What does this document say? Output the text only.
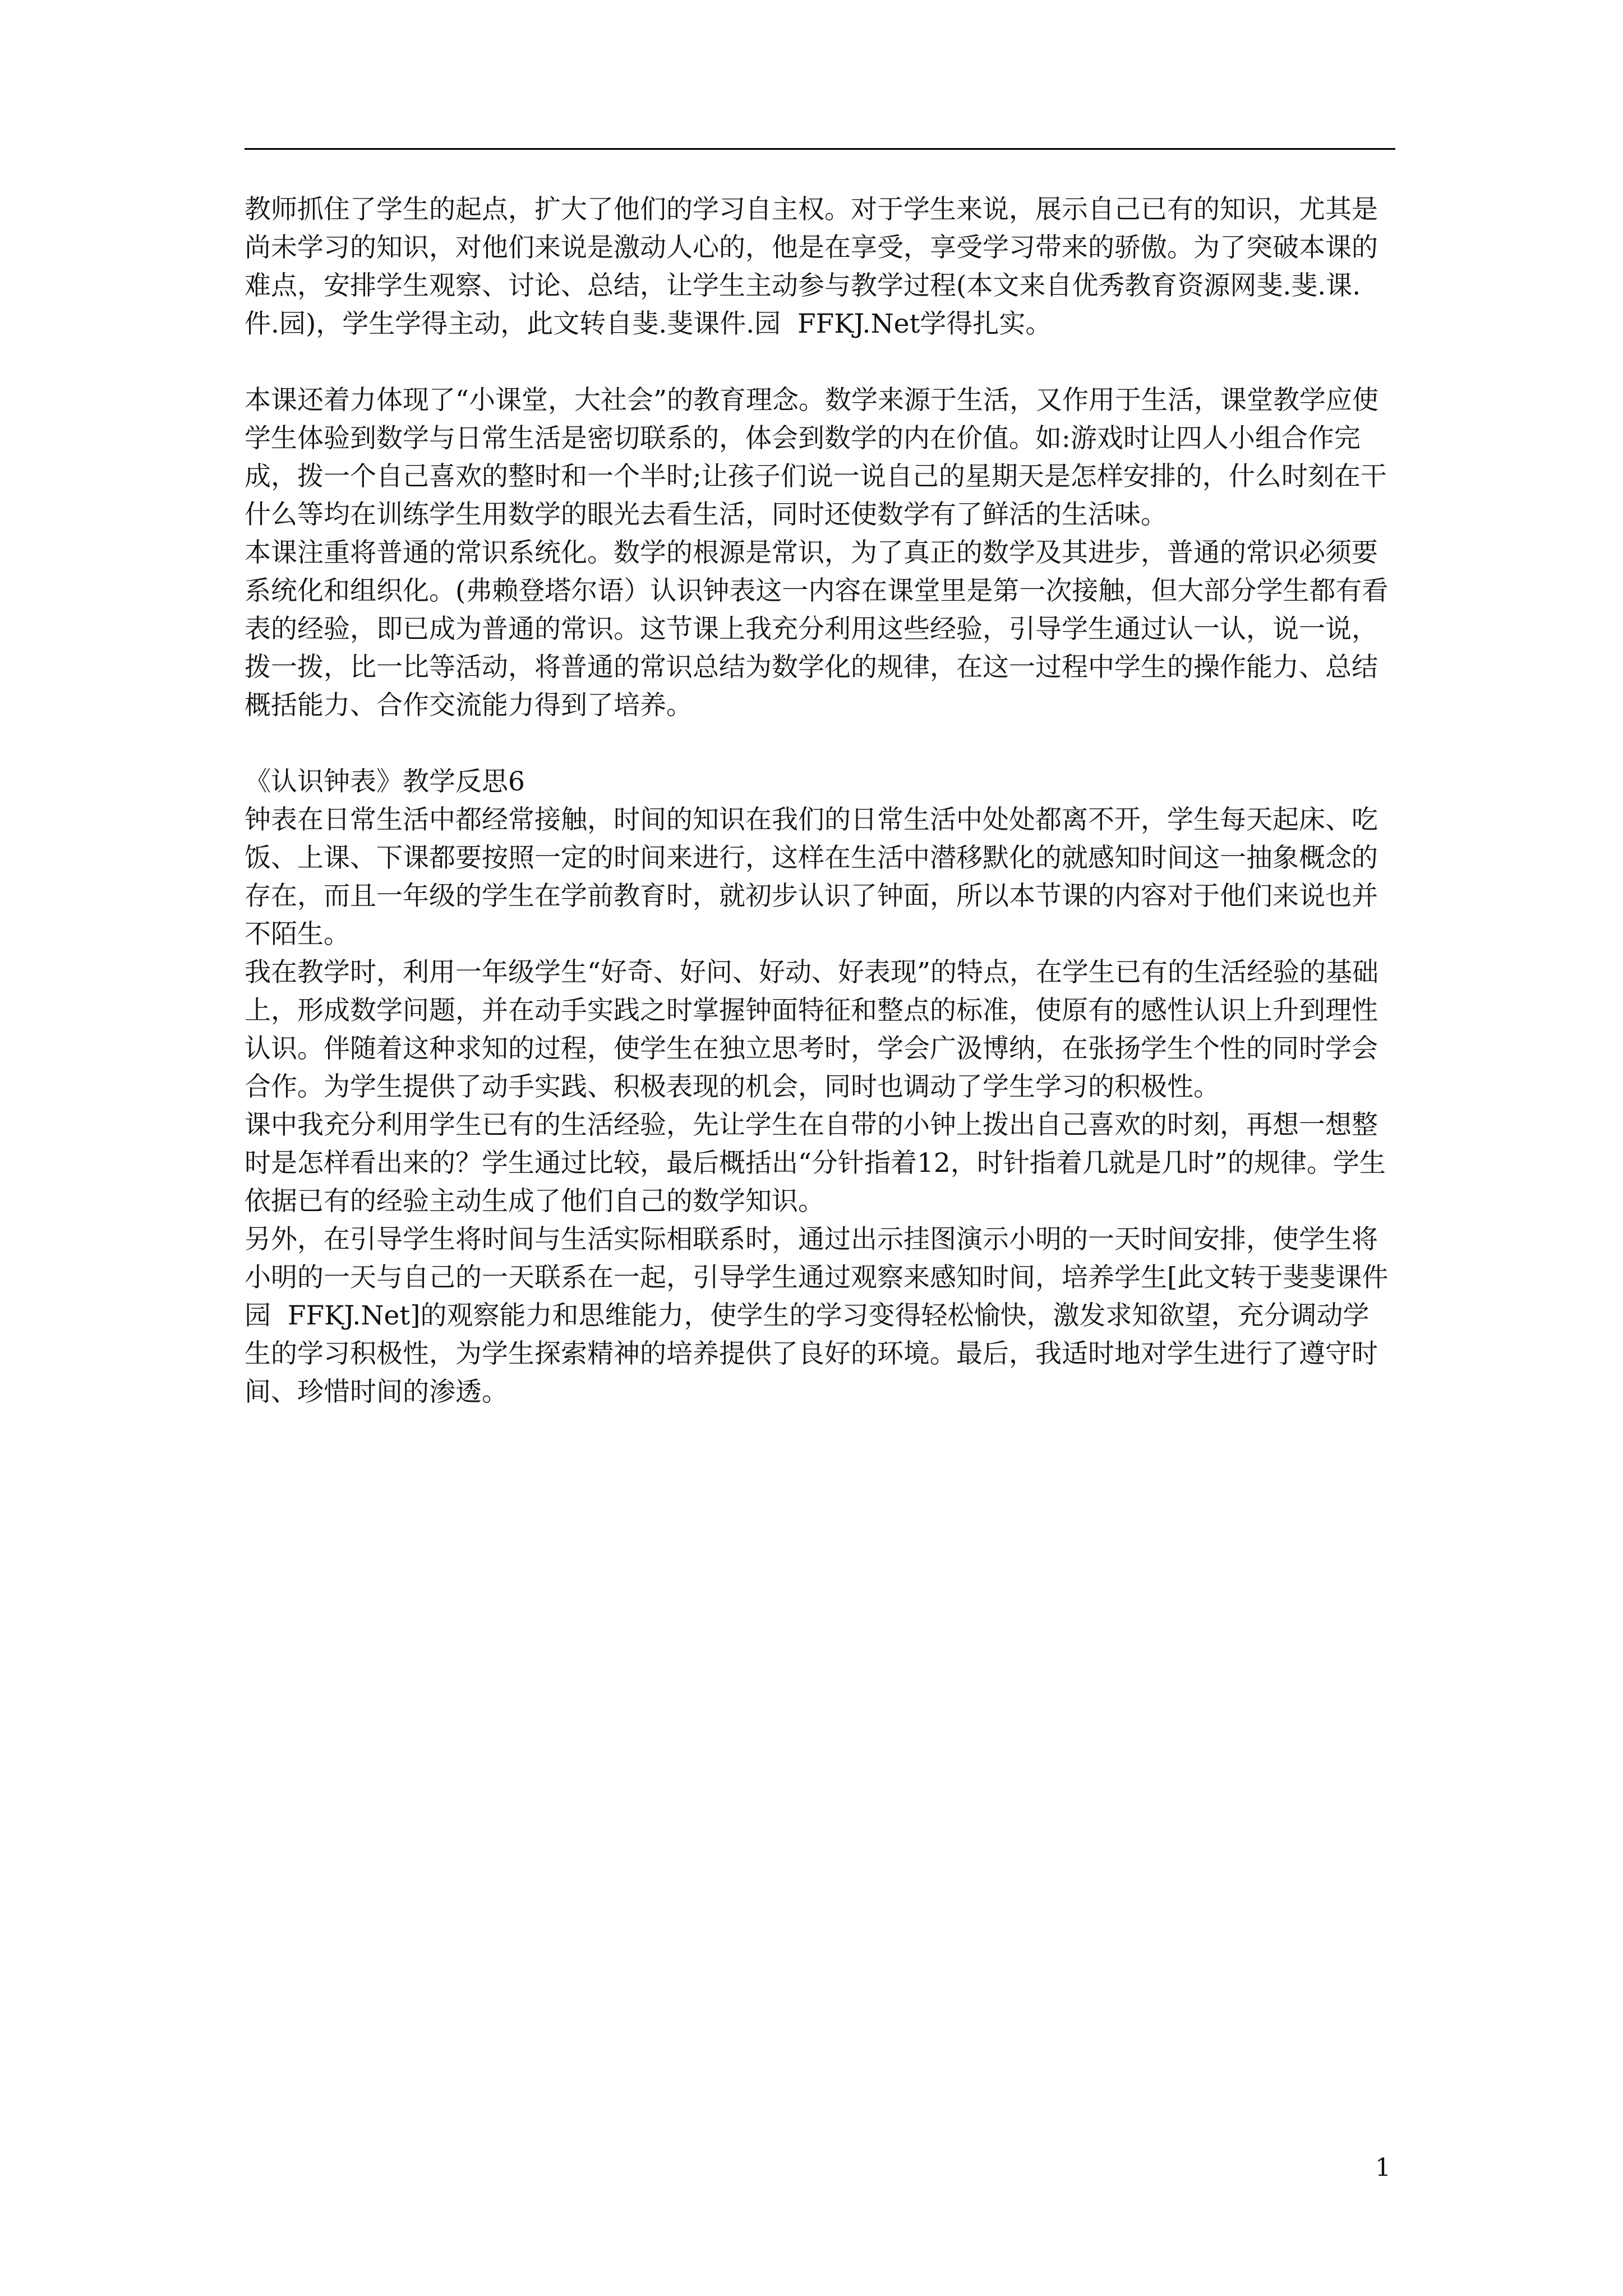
教师抓住了学生的起点，扩大了他们的学习自主权。对于学生来说，展示自己已有的知识，尤其是尚未学习的知识，对他们来说是激动人心的，他是在享受，享受学习带来的骄傲。为了突破本课的难点，安排学生观察、讨论、总结，让学生主动参与教学过程(本文来自优秀教育资源网斐.斐.课.件.园)，学生学得主动，此文转自斐.斐课件.园  FFKJ.Net学得扎实。

本课还着力体现了“小课堂，大社会”的教育理念。数学来源于生活，又作用于生活，课堂教学应使学生体验到数学与日常生活是密切联系的，体会到数学的内在价值。如:游戏时让四人小组合作完成，拨一个自己喜欢的整时和一个半时;让孩子们说一说自己的星期天是怎样安排的，什么时刻在干什么等均在训练学生用数学的眼光去看生活，同时还使数学有了鲜活的生活味。

本课注重将普通的常识系统化。数学的根源是常识，为了真正的数学及其进步，普通的常识必须要系统化和组织化。(弗赖登塔尔语）认识钟表这一内容在课堂里是第一次接触，但大部分学生都有看表的经验，即已成为普通的常识。这节课上我充分利用这些经验，引导学生通过认一认，说一说，拨一拨，比一比等活动，将普通的常识总结为数学化的规律，在这一过程中学生的操作能力、总结概括能力、合作交流能力得到了培养。

《认识钟表》教学反思6

钟表在日常生活中都经常接触，时间的知识在我们的日常生活中处处都离不开，学生每天起床、吃饭、上课、下课都要按照一定的时间来进行，这样在生活中潜移默化的就感知时间这一抽象概念的存在，而且一年级的学生在学前教育时，就初步认识了钟面，所以本节课的内容对于他们来说也并不陌生。

我在教学时，利用一年级学生“好奇、好问、好动、好表现”的特点，在学生已有的生活经验的基础上，形成数学问题，并在动手实践之时掌握钟面特征和整点的标准，使原有的感性认识上升到理性认识。伴随着这种求知的过程，使学生在独立思考时，学会广汲博纳，在张扬学生个性的同时学会合作。为学生提供了动手实践、积极表现的机会，同时也调动了学生学习的积极性。

课中我充分利用学生已有的生活经验，先让学生在自带的小钟上拨出自己喜欢的时刻，再想一想整时是怎样看出来的？学生通过比较，最后概括出“分针指着12，时针指着几就是几时”的规律。学生依据已有的经验主动生成了他们自己的数学知识。

另外，在引导学生将时间与生活实际相联系时，通过出示挂图演示小明的一天时间安排，使学生将小明的一天与自己的一天联系在一起，引导学生通过观察来感知时间，培养学生[此文转于斐斐课件园  FFKJ.Net]的观察能力和思维能力，使学生的学习变得轻松愉快，激发求知欲望，充分调动学生的学习积极性，为学生探索精神的培养提供了良好的环境。最后，我适时地对学生进行了遵守时间、珍惜时间的渗透。

1
